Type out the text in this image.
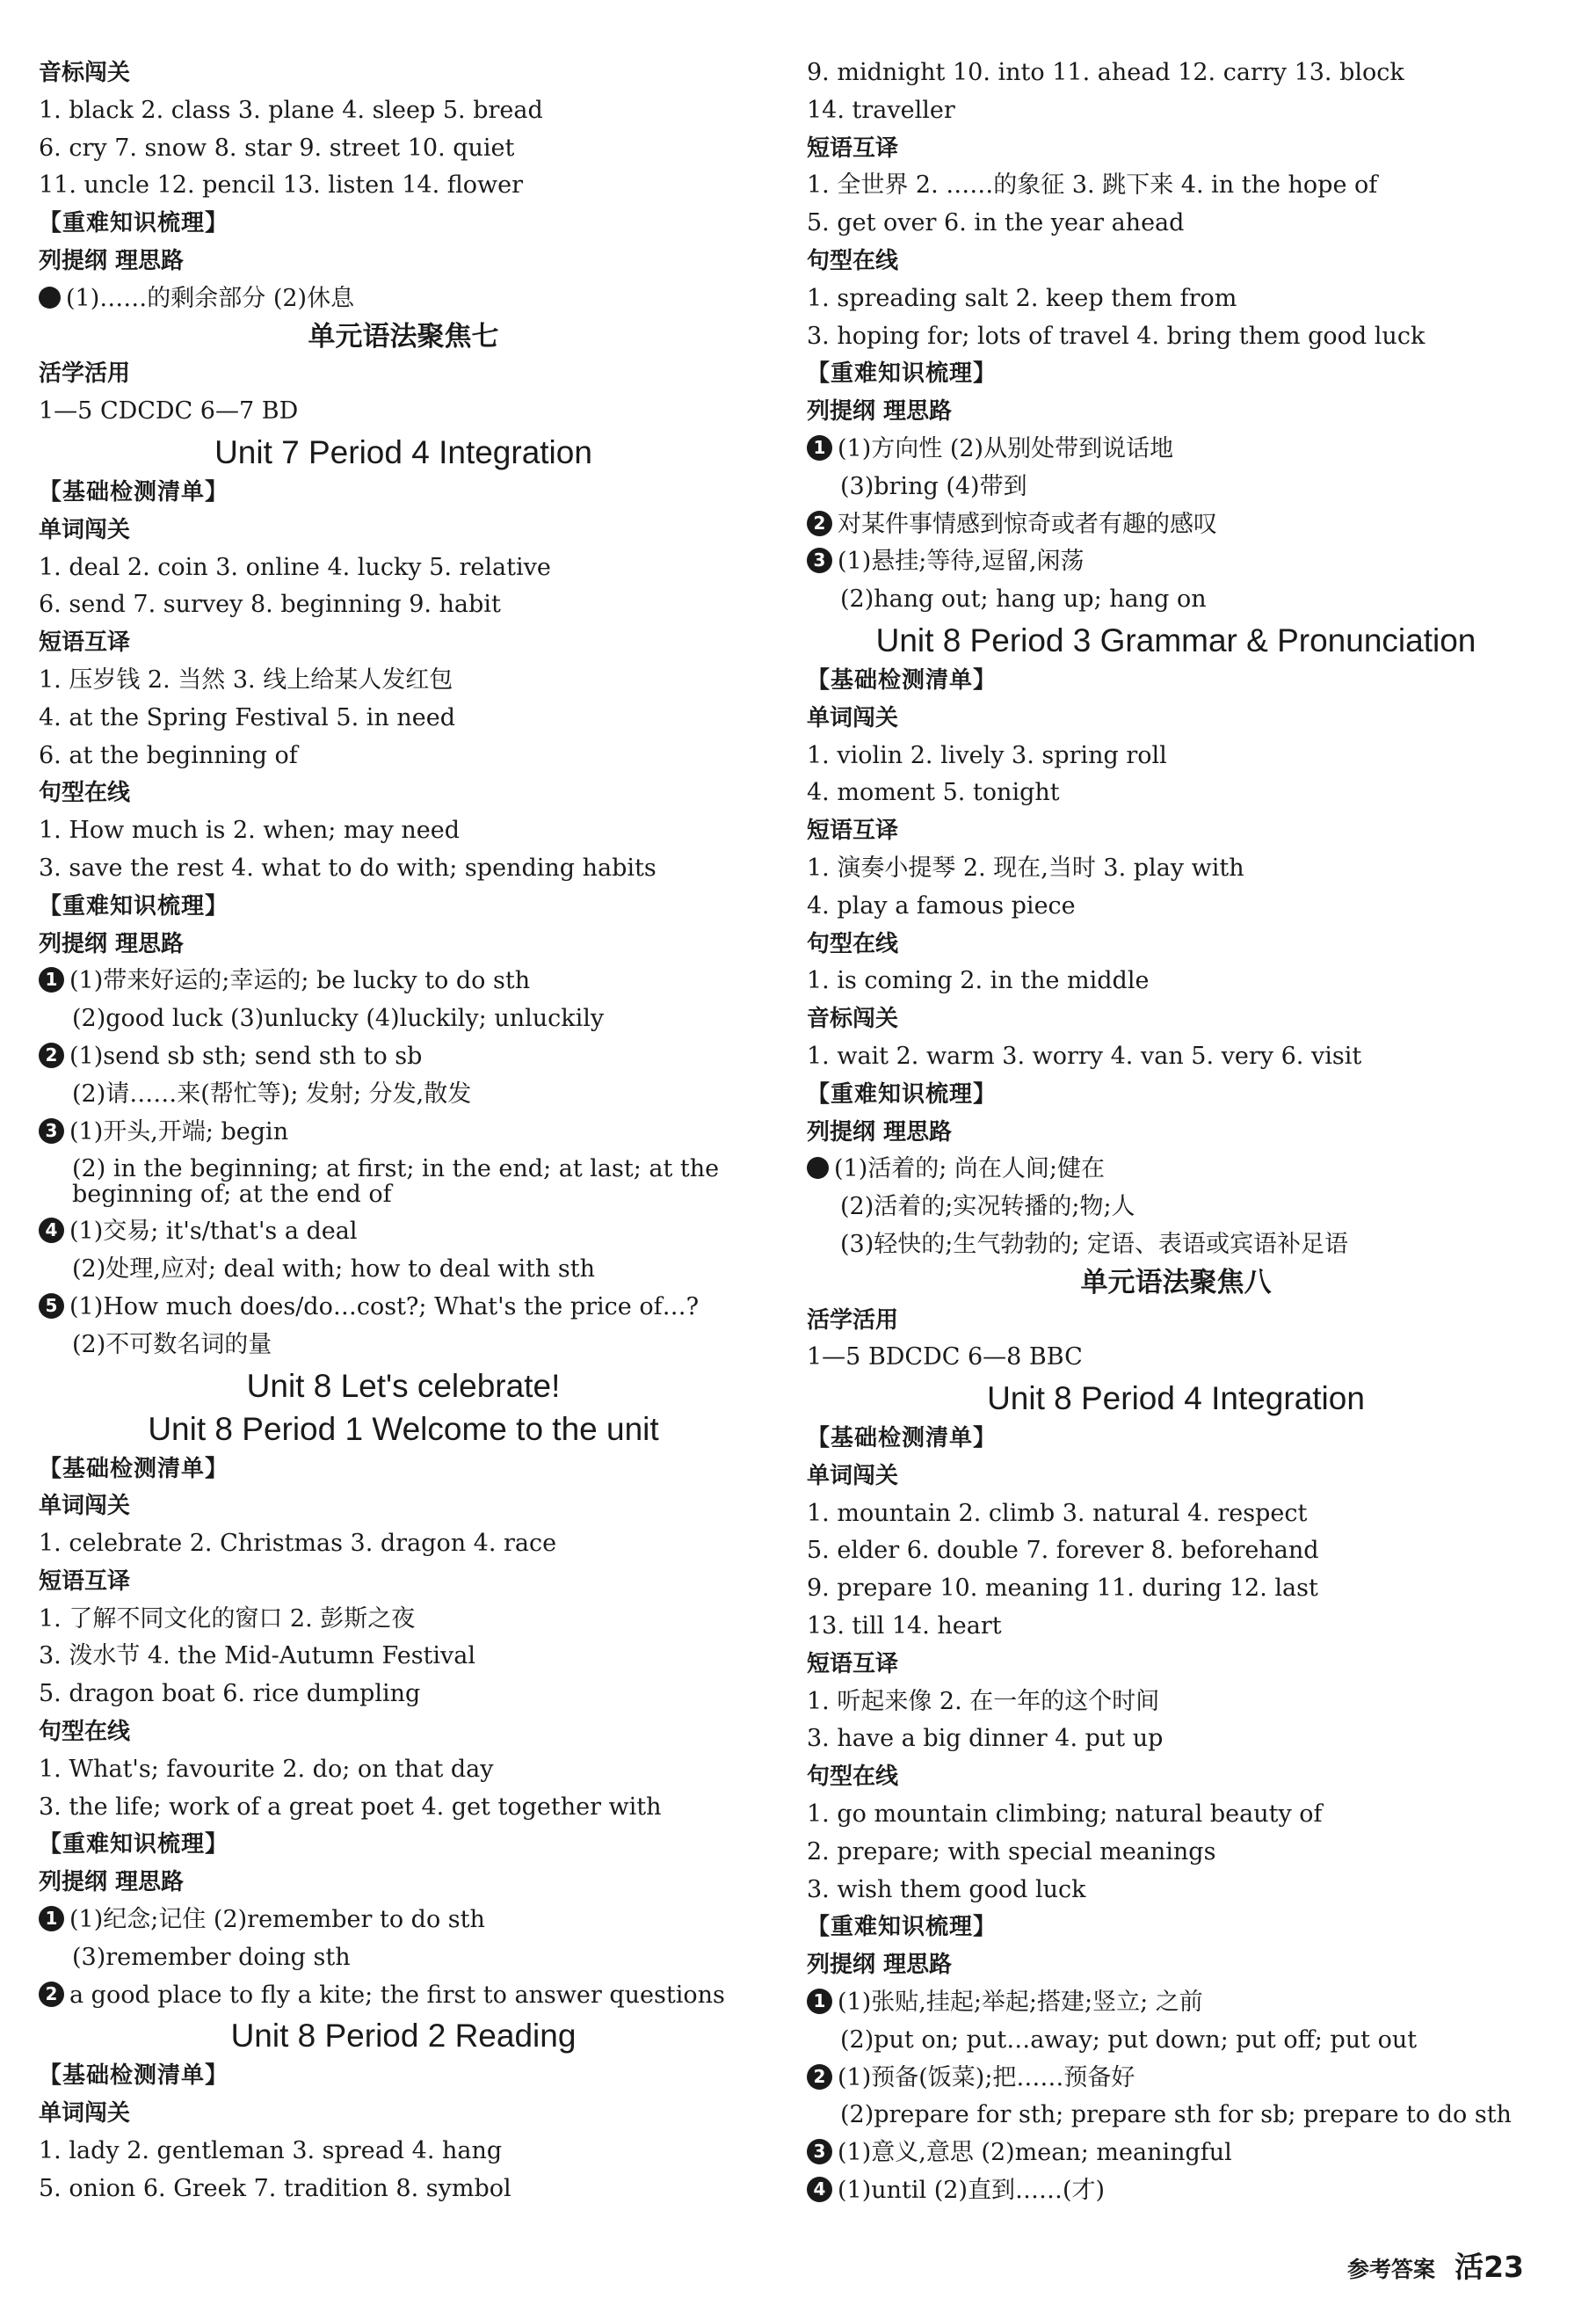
音标闯关
1. black 2. class 3. plane 4. sleep 5. bread
6. cry 7. snow 8. star 9. street 10. quiet
11. uncle 12. pencil 13. listen 14. flower
【重难知识梳理】
列提纲 理思路
(1)……的剩余部分 (2)休息
单元语法聚焦七
活学活用
1—5 CDCDC 6—7 BD
Unit 7 Period 4 Integration
【基础检测清单】
单词闯关
1. deal 2. coin 3. online 4. lucky 5. relative
6. send 7. survey 8. beginning 9. habit
短语互译
1. 压岁钱 2. 当然 3. 线上给某人发红包
4. at the Spring Festival 5. in need
6. at the beginning of
句型在线
1. How much is 2. when; may need
3. save the rest 4. what to do with; spending habits
【重难知识梳理】
列提纲 理思路
1 (1)带来好运的;幸运的; be lucky to do sth
(2)good luck (3)unlucky (4)luckily; unluckily
2 (1)send sb sth; send sth to sb
(2)请……来(帮忙等); 发射; 分发,散发
3 (1)开头,开端; begin
(2) in the beginning; at first; in the end; at last; at the beginning of; at the end of
4 (1)交易; it's/that's a deal
(2)处理,应对; deal with; how to deal with sth
5 (1)How much does/do…cost?; What's the price of…?
(2)不可数名词的量
Unit 8 Let's celebrate!
Unit 8 Period 1 Welcome to the unit
【基础检测清单】
单词闯关
1. celebrate 2. Christmas 3. dragon 4. race
短语互译
1. 了解不同文化的窗口 2. 彭斯之夜
3. 泼水节 4. the Mid-Autumn Festival
5. dragon boat 6. rice dumpling
句型在线
1. What's; favourite 2. do; on that day
3. the life; work of a great poet 4. get together with
【重难知识梳理】
列提纲 理思路
1 (1)纪念;记住 (2)remember to do sth
(3)remember doing sth
2 a good place to fly a kite; the first to answer questions
Unit 8 Period 2 Reading
【基础检测清单】
单词闯关
1. lady 2. gentleman 3. spread 4. hang
5. onion 6. Greek 7. tradition 8. symbol
9. midnight 10. into 11. ahead 12. carry 13. block
14. traveller
短语互译
1. 全世界 2. ……的象征 3. 跳下来 4. in the hope of
5. get over 6. in the year ahead
句型在线
1. spreading salt 2. keep them from
3. hoping for; lots of travel 4. bring them good luck
【重难知识梳理】
列提纲 理思路
1 (1)方向性 (2)从别处带到说话地
(3)bring (4)带到
2 对某件事情感到惊奇或者有趣的感叹
3 (1)悬挂;等待,逗留,闲荡
(2)hang out; hang up; hang on
Unit 8 Period 3 Grammar & Pronunciation
【基础检测清单】
单词闯关
1. violin 2. lively 3. spring roll
4. moment 5. tonight
短语互译
1. 演奏小提琴 2. 现在,当时 3. play with
4. play a famous piece
句型在线
1. is coming 2. in the middle
音标闯关
1. wait 2. warm 3. worry 4. van 5. very 6. visit
【重难知识梳理】
列提纲 理思路
(1)活着的; 尚在人间;健在
(2)活着的;实况转播的;物;人
(3)轻快的;生气勃勃的; 定语、表语或宾语补足语
单元语法聚焦八
活学活用
1—5 BDCDC 6—8 BBC
Unit 8 Period 4 Integration
【基础检测清单】
单词闯关
1. mountain 2. climb 3. natural 4. respect
5. elder 6. double 7. forever 8. beforehand
9. prepare 10. meaning 11. during 12. last
13. till 14. heart
短语互译
1. 听起来像 2. 在一年的这个时间
3. have a big dinner 4. put up
句型在线
1. go mountain climbing; natural beauty of
2. prepare; with special meanings
3. wish them good luck
【重难知识梳理】
列提纲 理思路
1 (1)张贴,挂起;举起;搭建;竖立; 之前
(2)put on; put…away; put down; put off; put out
2 (1)预备(饭菜);把……预备好
(2)prepare for sth; prepare sth for sb; prepare to do sth
3 (1)意义,意思 (2)mean; meaningful
4 (1)until (2)直到……(才)
参考答案 活23
